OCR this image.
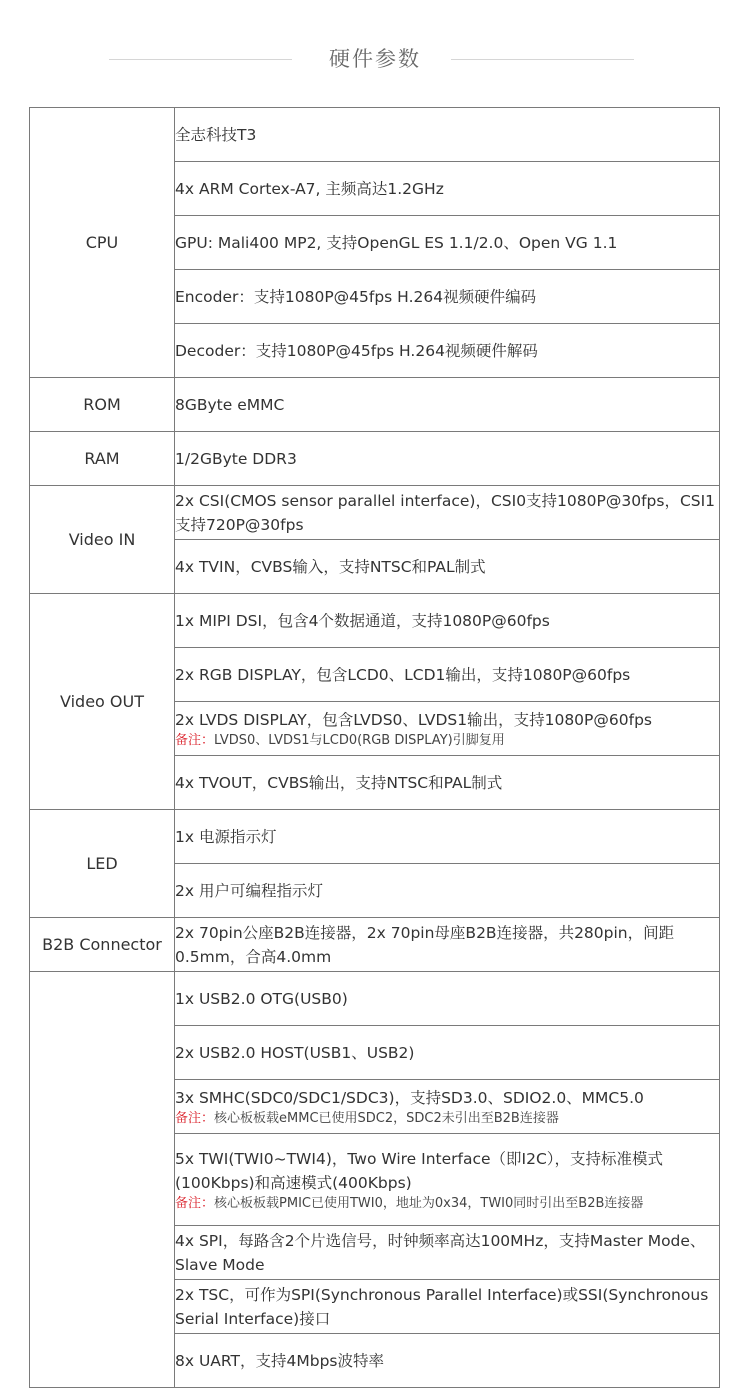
硬件参数
CPU	全志科技T3
	4x ARM Cortex-A7, 主频高达1.2GHz
	GPU: Mali400 MP2, 支持OpenGL ES 1.1/2.0、Open VG 1.1
	Encoder：支持1080P@45fps H.264视频硬件编码
	Decoder：支持1080P@45fps H.264视频硬件解码
ROM	8GByte eMMC
RAM	1/2GByte DDR3
Video IN	2x CSI(CMOS sensor parallel interface)，CSI0支持1080P@30fps，CSI1支持720P@30fps
	4x TVIN，CVBS输入，支持NTSC和PAL制式
Video OUT	1x MIPI DSI，包含4个数据通道，支持1080P@60fps
	2x RGB DISPLAY，包含LCD0、LCD1输出，支持1080P@60fps
	2x LVDS DISPLAY，包含LVDS0、LVDS1输出，支持1080P@60fps
备注：LVDS0、LVDS1与LCD0(RGB DISPLAY)引脚复用

	4x TVOUT，CVBS输出，支持NTSC和PAL制式
LED	1x 电源指示灯
	2x 用户可编程指示灯
B2B Connector	2x 70pin公座B2B连接器，2x 70pin母座B2B连接器，共280pin，间距0.5mm，合高4.0mm
	1x USB2.0 OTG(USB0)
	2x USB2.0 HOST(USB1、USB2)
	3x SMHC(SDC0/SDC1/SDC3)，支持SD3.0、SDIO2.0、MMC5.0
备注：核心板板载eMMC已使用SDC2，SDC2未引出至B2B连接器

	5x TWI(TWI0~TWI4)，Two Wire Interface（即I2C），支持标准模式(100Kbps)和高速模式(400Kbps)
备注：核心板板载PMIC已使用TWI0，地址为0x34，TWI0同时引出至B2B连接器

	4x SPI，每路含2个片选信号，时钟频率高达100MHz，支持Master Mode、Slave Mode
	2x TSC，可作为SPI(Synchronous Parallel Interface)或SSI(Synchronous Serial Interface)接口
	8x UART，支持4Mbps波特率
